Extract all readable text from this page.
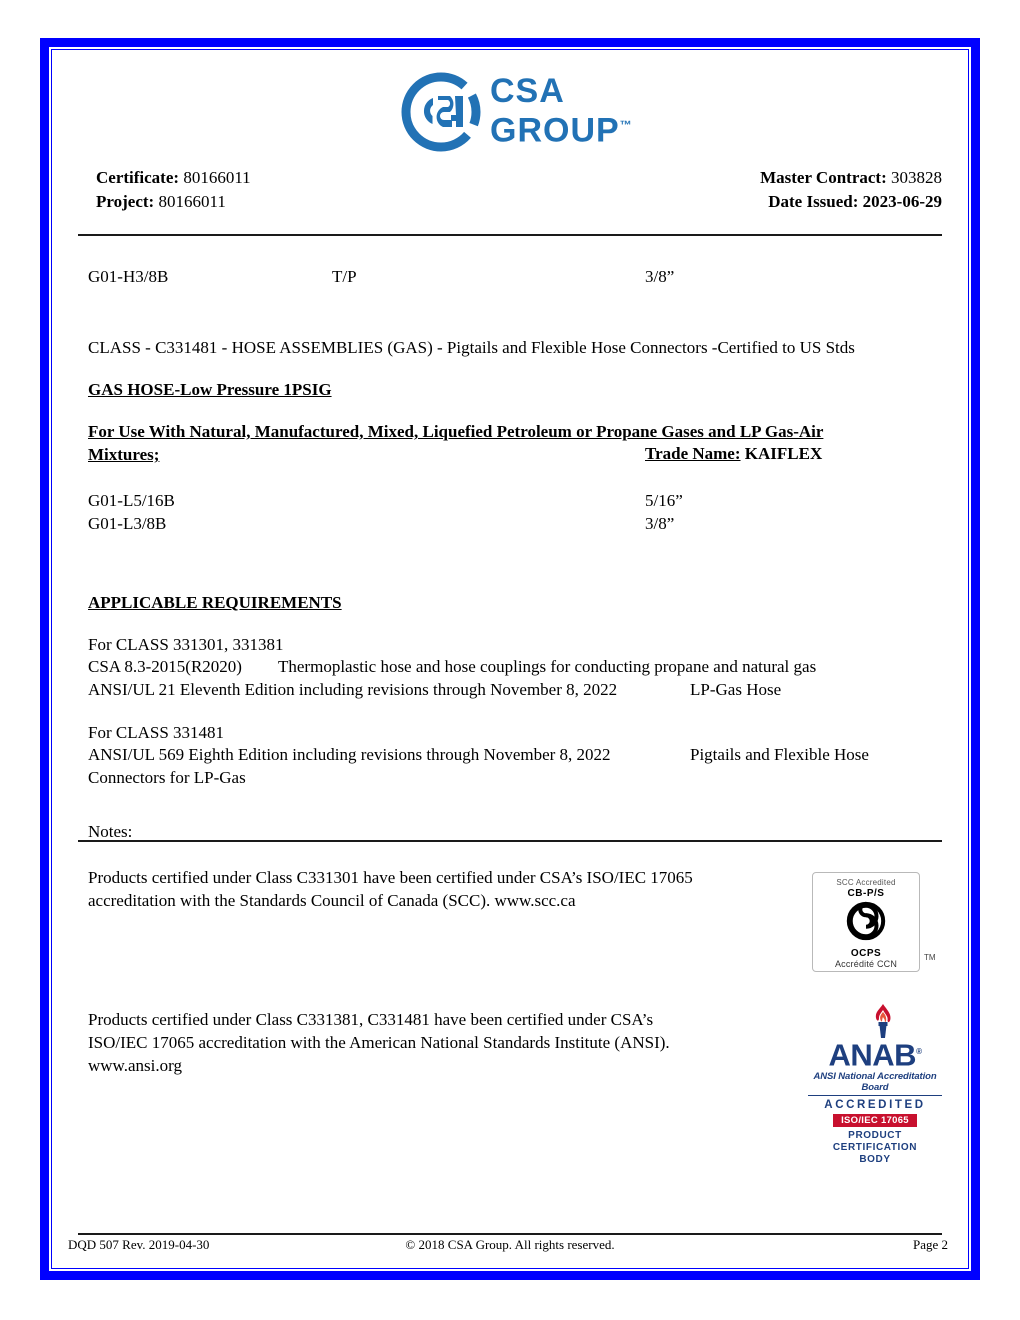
CSA
GROUP™
Certificate: 80166011
Project: 80166011
Master Contract: 303828
Date Issued: 2023-06-29
G01-H3/8B	T/P	3/8”
CLASS - C331481 - HOSE ASSEMBLIES (GAS) - Pigtails and Flexible Hose Connectors -Certified to US Stds
GAS HOSE-Low Pressure 1PSIG
For Use With Natural, Manufactured, Mixed, Liquefied Petroleum or Propane Gases and LP Gas-Air
Mixtures;	Trade Name: KAIFLEX
G01-L5/16B	5/16”
G01-L3/8B	3/8”
APPLICABLE REQUIREMENTS
For CLASS 331301, 331381
CSA 8.3-2015(R2020) Thermoplastic hose and hose couplings for conducting propane and natural gas
ANSI/UL 21 Eleventh Edition including revisions through November 8, 2022	LP-Gas Hose
For CLASS 331481
ANSI/UL 569 Eighth Edition including revisions through November 8, 2022	Pigtails and Flexible Hose
Connectors for LP-Gas
Notes:
Products certified under Class C331301 have been certified under CSA’s ISO/IEC 17065
accreditation with the Standards Council of Canada (SCC). www.scc.ca
Products certified under Class C331381, C331481 have been certified under CSA’s
ISO/IEC 17065 accreditation with the American National Standards Institute (ANSI).
www.ansi.org
SCC Accredited
CB-P/S
OCPS
Accrédité CCN
TM
ANAB®
ANSI National Accreditation Board
ACCREDITED
ISO/IEC 17065
PRODUCT CERTIFICATION
BODY
DQD 507 Rev. 2019-04-30	© 2018 CSA Group. All rights reserved.	Page 2
